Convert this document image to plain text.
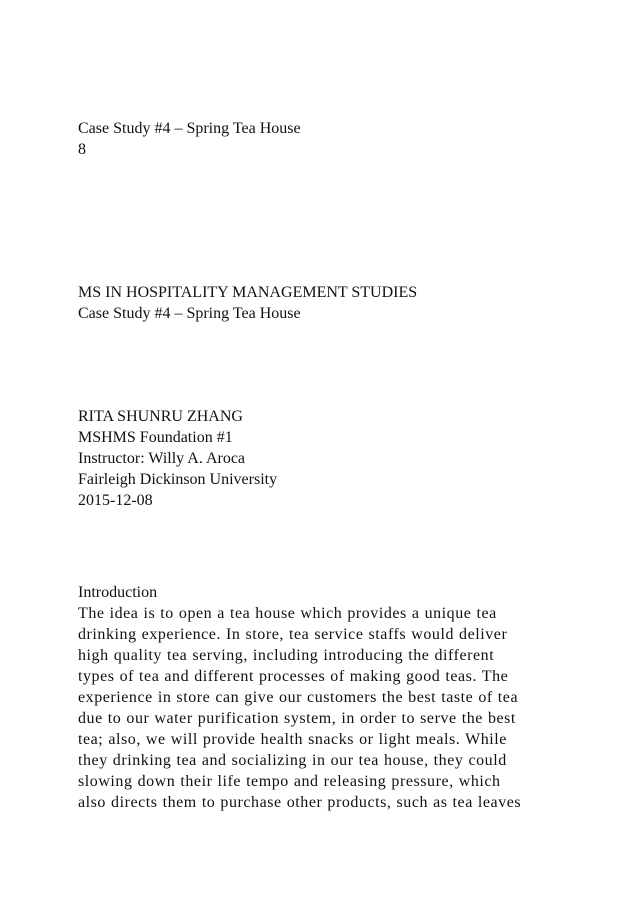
Case Study #4 – Spring Tea House
8
MS IN HOSPITALITY MANAGEMENT STUDIES
Case Study #4 – Spring Tea House
RITA SHUNRU ZHANG
MSHMS Foundation #1
Instructor: Willy A. Aroca
Fairleigh Dickinson University
2015-12-08
Introduction
The idea is to open a tea house which provides a unique tea
drinking experience. In store, tea service staffs would deliver
high quality tea serving, including introducing the different
types of tea and different processes of making good teas. The
experience in store can give our customers the best taste of tea
due to our water purification system, in order to serve the best
tea; also, we will provide health snacks or light meals. While
they drinking tea and socializing in our tea house, they could
slowing down their life tempo and releasing pressure, which
also directs them to purchase other products, such as tea leaves
